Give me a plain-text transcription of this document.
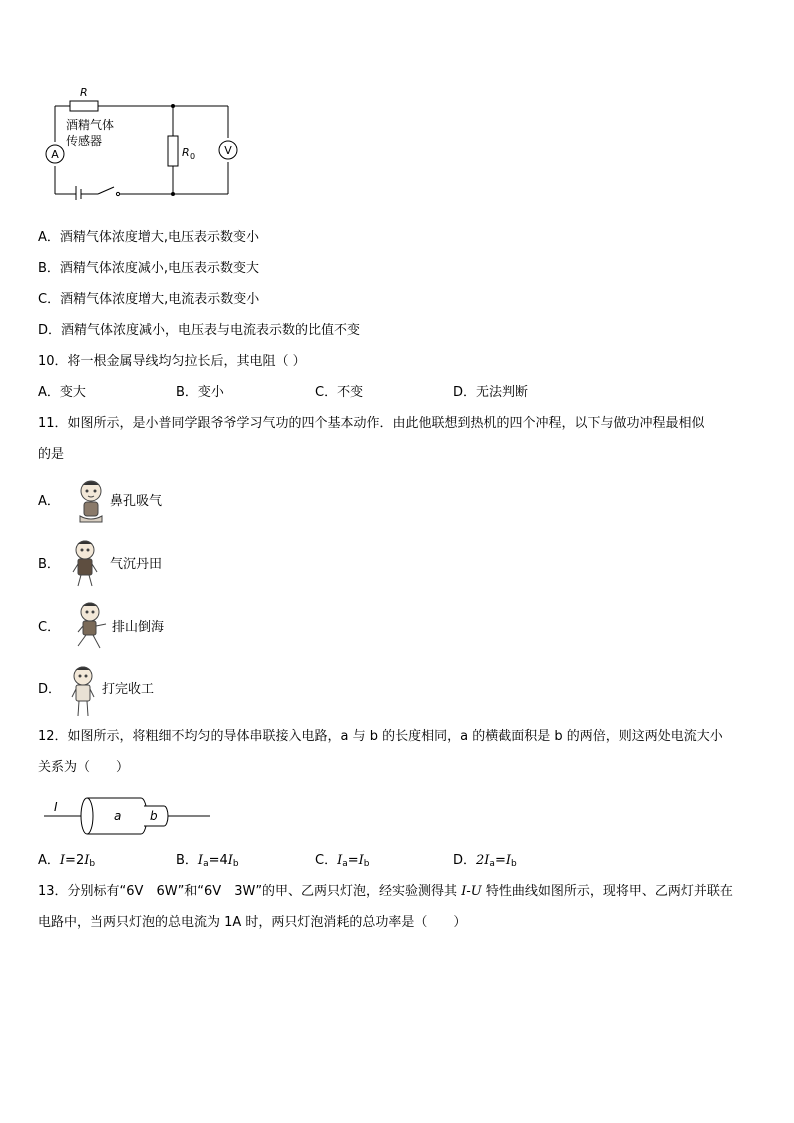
A	V
R
酒精气体
传感器
R 0
A．酒精气体浓度增大,电压表示数变小
B．酒精气体浓度减小,电压表示数变大
C．酒精气体浓度增大,电流表示数变小
D．酒精气体浓度减小，电压表与电流表示数的比值不变
10．将一根金属导线均匀拉长后，其电阻（ ）
A．变大	B．变小	C．不变	D．无法判断
11．如图所示，是小普同学跟爷爷学习气功的四个基本动作．由此他联想到热机的四个冲程，以下与做功冲程最相似
的是
A．	鼻孔吸气
B．	气沉丹田
C．	排山倒海
D．	打完收工
12．如图所示，将粗细不均匀的导体串联接入电路，a 与 b 的长度相同，a 的横截面积是 b 的两倍，则这两处电流大小
关系为（　　）
I
a b
A．$I=2I_b$	B．$I_a=4I_b$	C．$I_a=I_b$	D．$2I_a=I_b$
13．分别标有“6V　6W”和“6V　3W”的甲、乙两只灯泡，经实验测得其 I-U 特性曲线如图所示，现将甲、乙两灯并联在
电路中，当两只灯泡的总电流为 1A 时，两只灯泡消耗的总功率是（　　）
